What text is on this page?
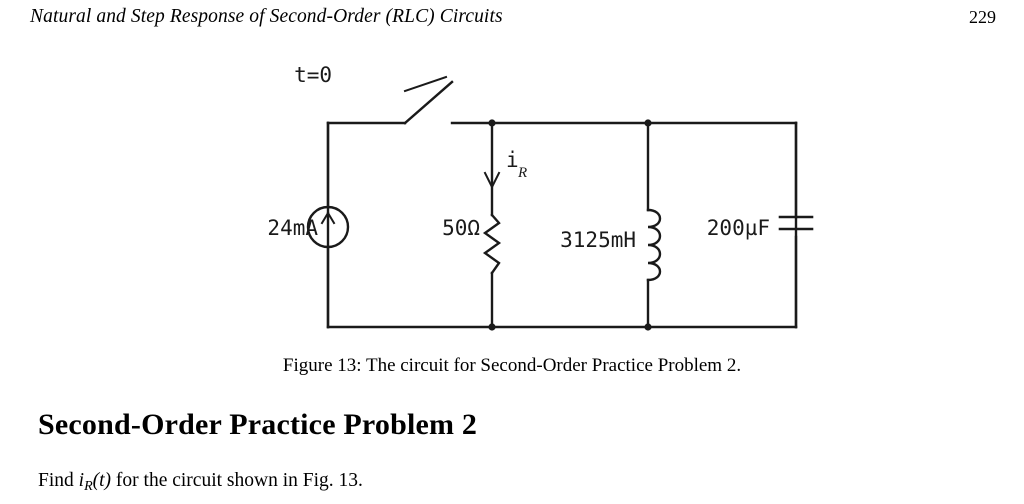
Natural and Step Response of Second-Order (RLC) Circuits	229
t=0
24mA	50Ω
i
R
3125mH	200µF
Figure 13: The circuit for Second-Order Practice Problem 2.
Second-Order Practice Problem 2
Find $i_R(t)$ for the circuit shown in Fig. 13.
